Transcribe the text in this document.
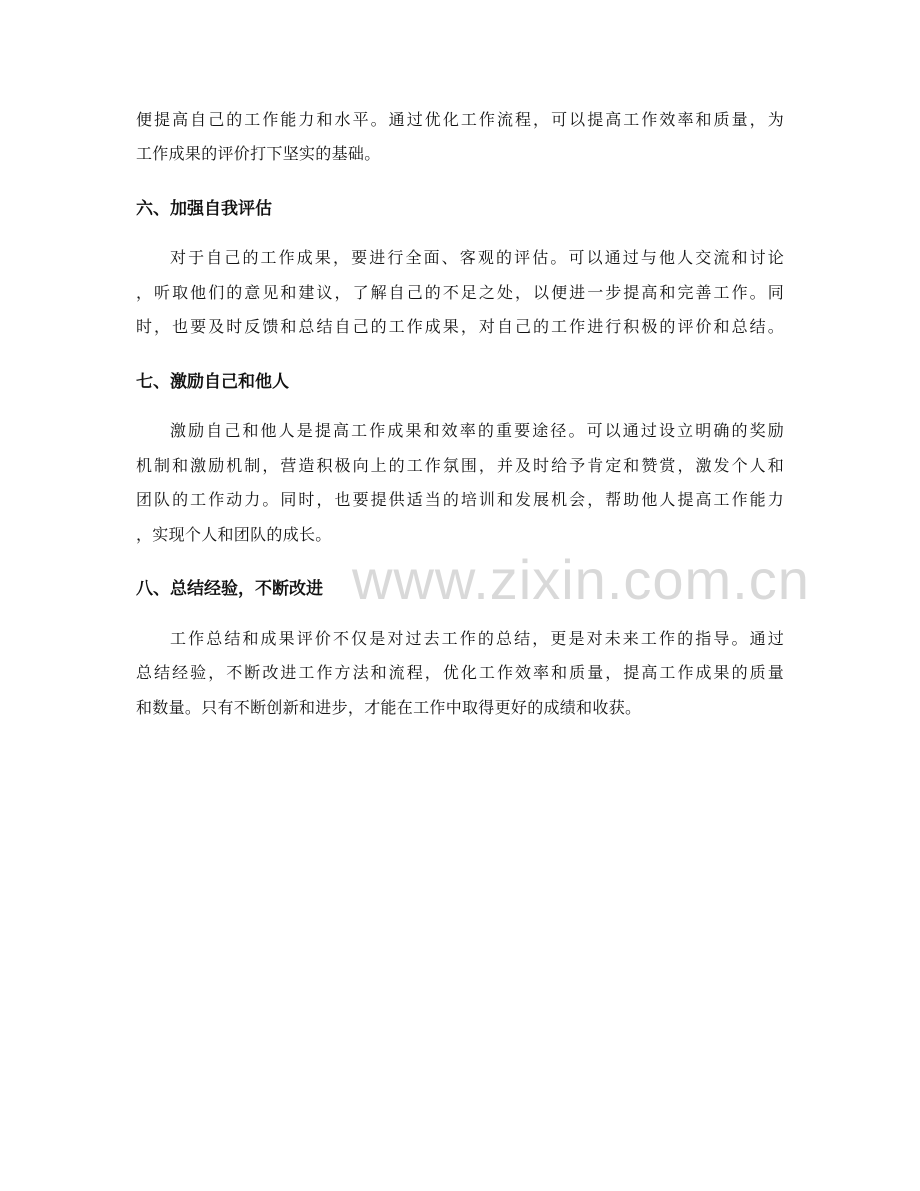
www.zixin.com.cn
便提高自己的工作能力和水平。通过优化工作流程，可以提高工作效率和质量，为
工作成果的评价打下坚实的基础。
六、加强自我评估
对于自己的工作成果，要进行全面、客观的评估。可以通过与他人交流和讨论
，听取他们的意见和建议，了解自己的不足之处，以便进一步提高和完善工作。同
时，也要及时反馈和总结自己的工作成果，对自己的工作进行积极的评价和总结。
七、激励自己和他人
激励自己和他人是提高工作成果和效率的重要途径。可以通过设立明确的奖励
机制和激励机制，营造积极向上的工作氛围，并及时给予肯定和赞赏，激发个人和
团队的工作动力。同时，也要提供适当的培训和发展机会，帮助他人提高工作能力
，实现个人和团队的成长。
八、总结经验，不断改进
工作总结和成果评价不仅是对过去工作的总结，更是对未来工作的指导。通过
总结经验，不断改进工作方法和流程，优化工作效率和质量，提高工作成果的质量
和数量。只有不断创新和进步，才能在工作中取得更好的成绩和收获。
